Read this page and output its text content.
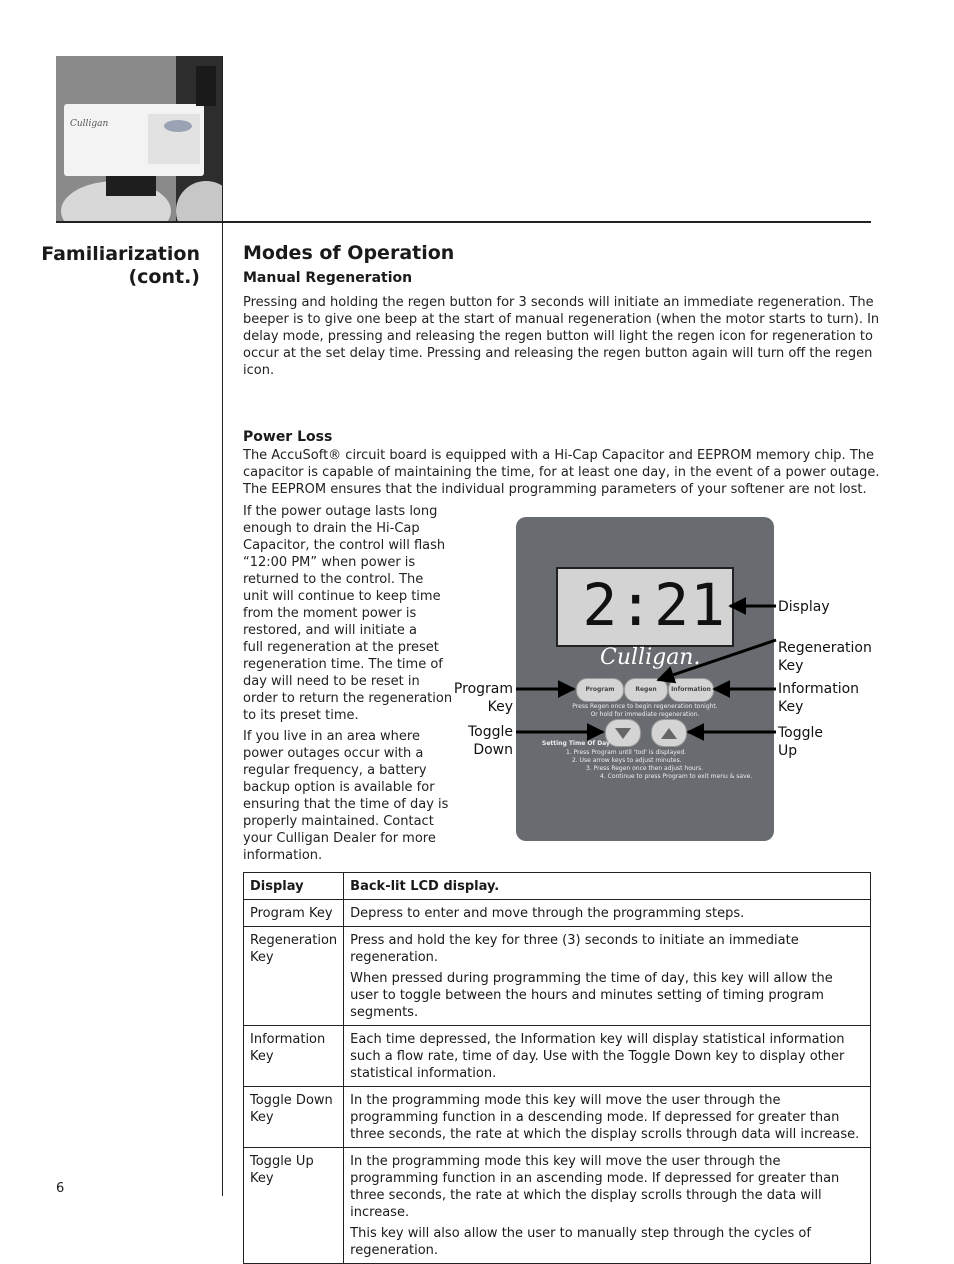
Culligan
Familiarization
(cont.)
Modes of Operation
Manual Regeneration

Pressing and holding the regen button for 3 seconds will initiate an immediate regeneration. The
beeper is to give one beep at the start of manual regeneration (when the motor starts to turn). In
delay mode, pressing and releasing the regen button will light the regen icon for regeneration to
occur at the set delay time. Pressing and releasing the regen button again will turn off the regen
icon.

Power Loss

The AccuSoft® circuit board is equipped with a Hi-Cap Capacitor and EEPROM memory chip. The
capacitor is capable of maintaining the time, for at least one day, in the event of a power outage.
The EEPROM ensures that the individual programming parameters of your softener are not lost.

If the power outage lasts long
enough to drain the Hi-Cap
Capacitor, the control will flash
“12:00 PM” when power is
returned to the control. The
unit will continue to keep time
from the moment power is
restored, and will initiate a
full regeneration at the preset
regeneration time. The time of
day will need to be reset in
order to return the regeneration
to its preset time.

If you live in an area where
power outages occur with a
regular frequency, a battery
backup option is available for
ensuring that the time of day is
properly maintained. Contact
your Culligan Dealer for more
information.

2:21
Culligan.
Program	Regen	Information
Press Regen once to begin regeneration tonight.
Or hold for immediate regeneration.
Setting Time Of Day
1. Press Program until 'tod' is displayed.
2. Use arrow keys to adjust minutes.
3. Press Regen once then adjust hours.
4. Continue to press Program to exit menu & save.
Display
Regeneration
Key
Information
Key
Toggle
Up
Program
Key
Toggle
Down
Display	Back-lit LCD display.
Program Key	Depress to enter and move through the programming steps.

Regeneration Key	Press and hold the key for three (3) seconds to initiate an immediate regeneration.

When pressed during programming the time of day, this key will allow the user to toggle between the hours and minutes setting of timing program segments.

Information Key	Each time depressed, the Information key will display statistical information such a flow rate, time of day. Use with the Toggle Down key to display other statistical information.

Toggle Down Key	In the programming mode this key will move the user through the programming function in a descending mode. If depressed for greater than three seconds, the rate at which the display scrolls through data will increase.

Toggle Up Key	In the programming mode this key will move the user through the programming function in an ascending mode. If depressed for greater than three seconds, the rate at which the display scrolls through the data will increase.

This key will also allow the user to manually step through the cycles of regeneration.

6
